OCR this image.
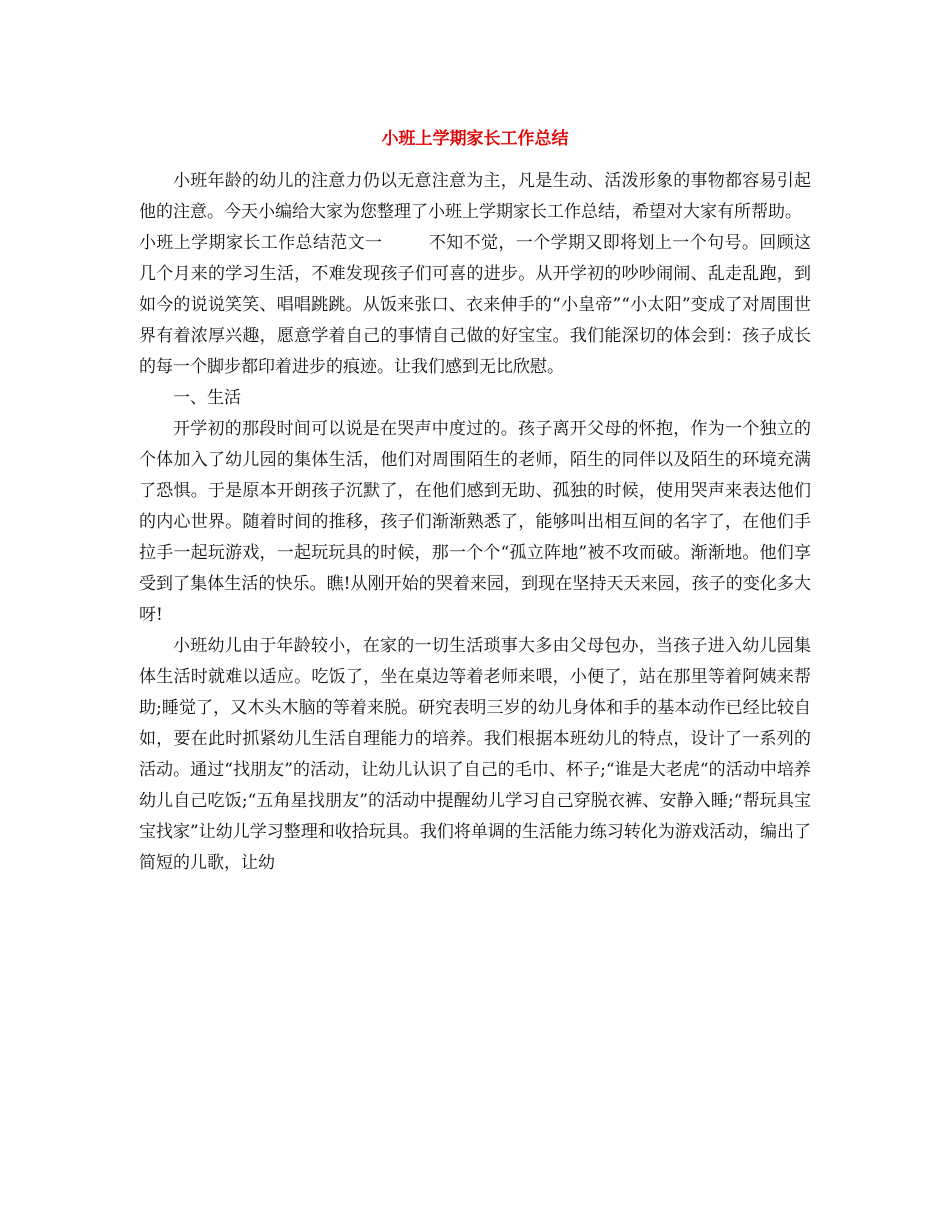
小班上学期家长工作总结

小班年龄的幼儿的注意力仍以无意注意为主，凡是生动、活泼形象的事物都容易引起他的注意。今天小编给大家为您整理了小班上学期家长工作总结，希望对大家有所帮助。

小班上学期家长工作总结范文一	不知不觉，一个学期又即将划上一个句号。回顾这几个月来的学习生活，不难发现孩子们可喜的进步。从开学初的吵吵闹闹、乱走乱跑，到如今的说说笑笑、唱唱跳跳。从饭来张口、衣来伸手的“小皇帝”“小太阳”变成了对周围世界有着浓厚兴趣，愿意学着自己的事情自己做的好宝宝。我们能深切的体会到：孩子成长的每一个脚步都印着进步的痕迹。让我们感到无比欣慰。

一、生活

开学初的那段时间可以说是在哭声中度过的。孩子离开父母的怀抱，作为一个独立的个体加入了幼儿园的集体生活，他们对周围陌生的老师，陌生的同伴以及陌生的环境充满了恐惧。于是原本开朗孩子沉默了，在他们感到无助、孤独的时候，使用哭声来表达他们的内心世界。随着时间的推移，孩子们渐渐熟悉了，能够叫出相互间的名字了，在他们手拉手一起玩游戏，一起玩玩具的时候，那一个个“孤立阵地”被不攻而破。渐渐地。他们享受到了集体生活的快乐。瞧!从刚开始的哭着来园，到现在坚持天天来园，孩子的变化多大呀!

小班幼儿由于年龄较小，在家的一切生活琐事大多由父母包办，当孩子进入幼儿园集体生活时就难以适应。吃饭了，坐在桌边等着老师来喂，小便了，站在那里等着阿姨来帮助;睡觉了，又木头木脑的等着来脱。研究表明三岁的幼儿身体和手的基本动作已经比较自如，要在此时抓紧幼儿生活自理能力的培养。我们根据本班幼儿的特点，设计了一系列的活动。通过“找朋友”的活动，让幼儿认识了自己的毛巾、杯子;“谁是大老虎“的活动中培养幼儿自己吃饭;“五角星找朋友”的活动中提醒幼儿学习自己穿脱衣裤、安静入睡;“帮玩具宝宝找家”让幼儿学习整理和收拾玩具。我们将单调的生活能力练习转化为游戏活动，编出了简短的儿歌，让幼
